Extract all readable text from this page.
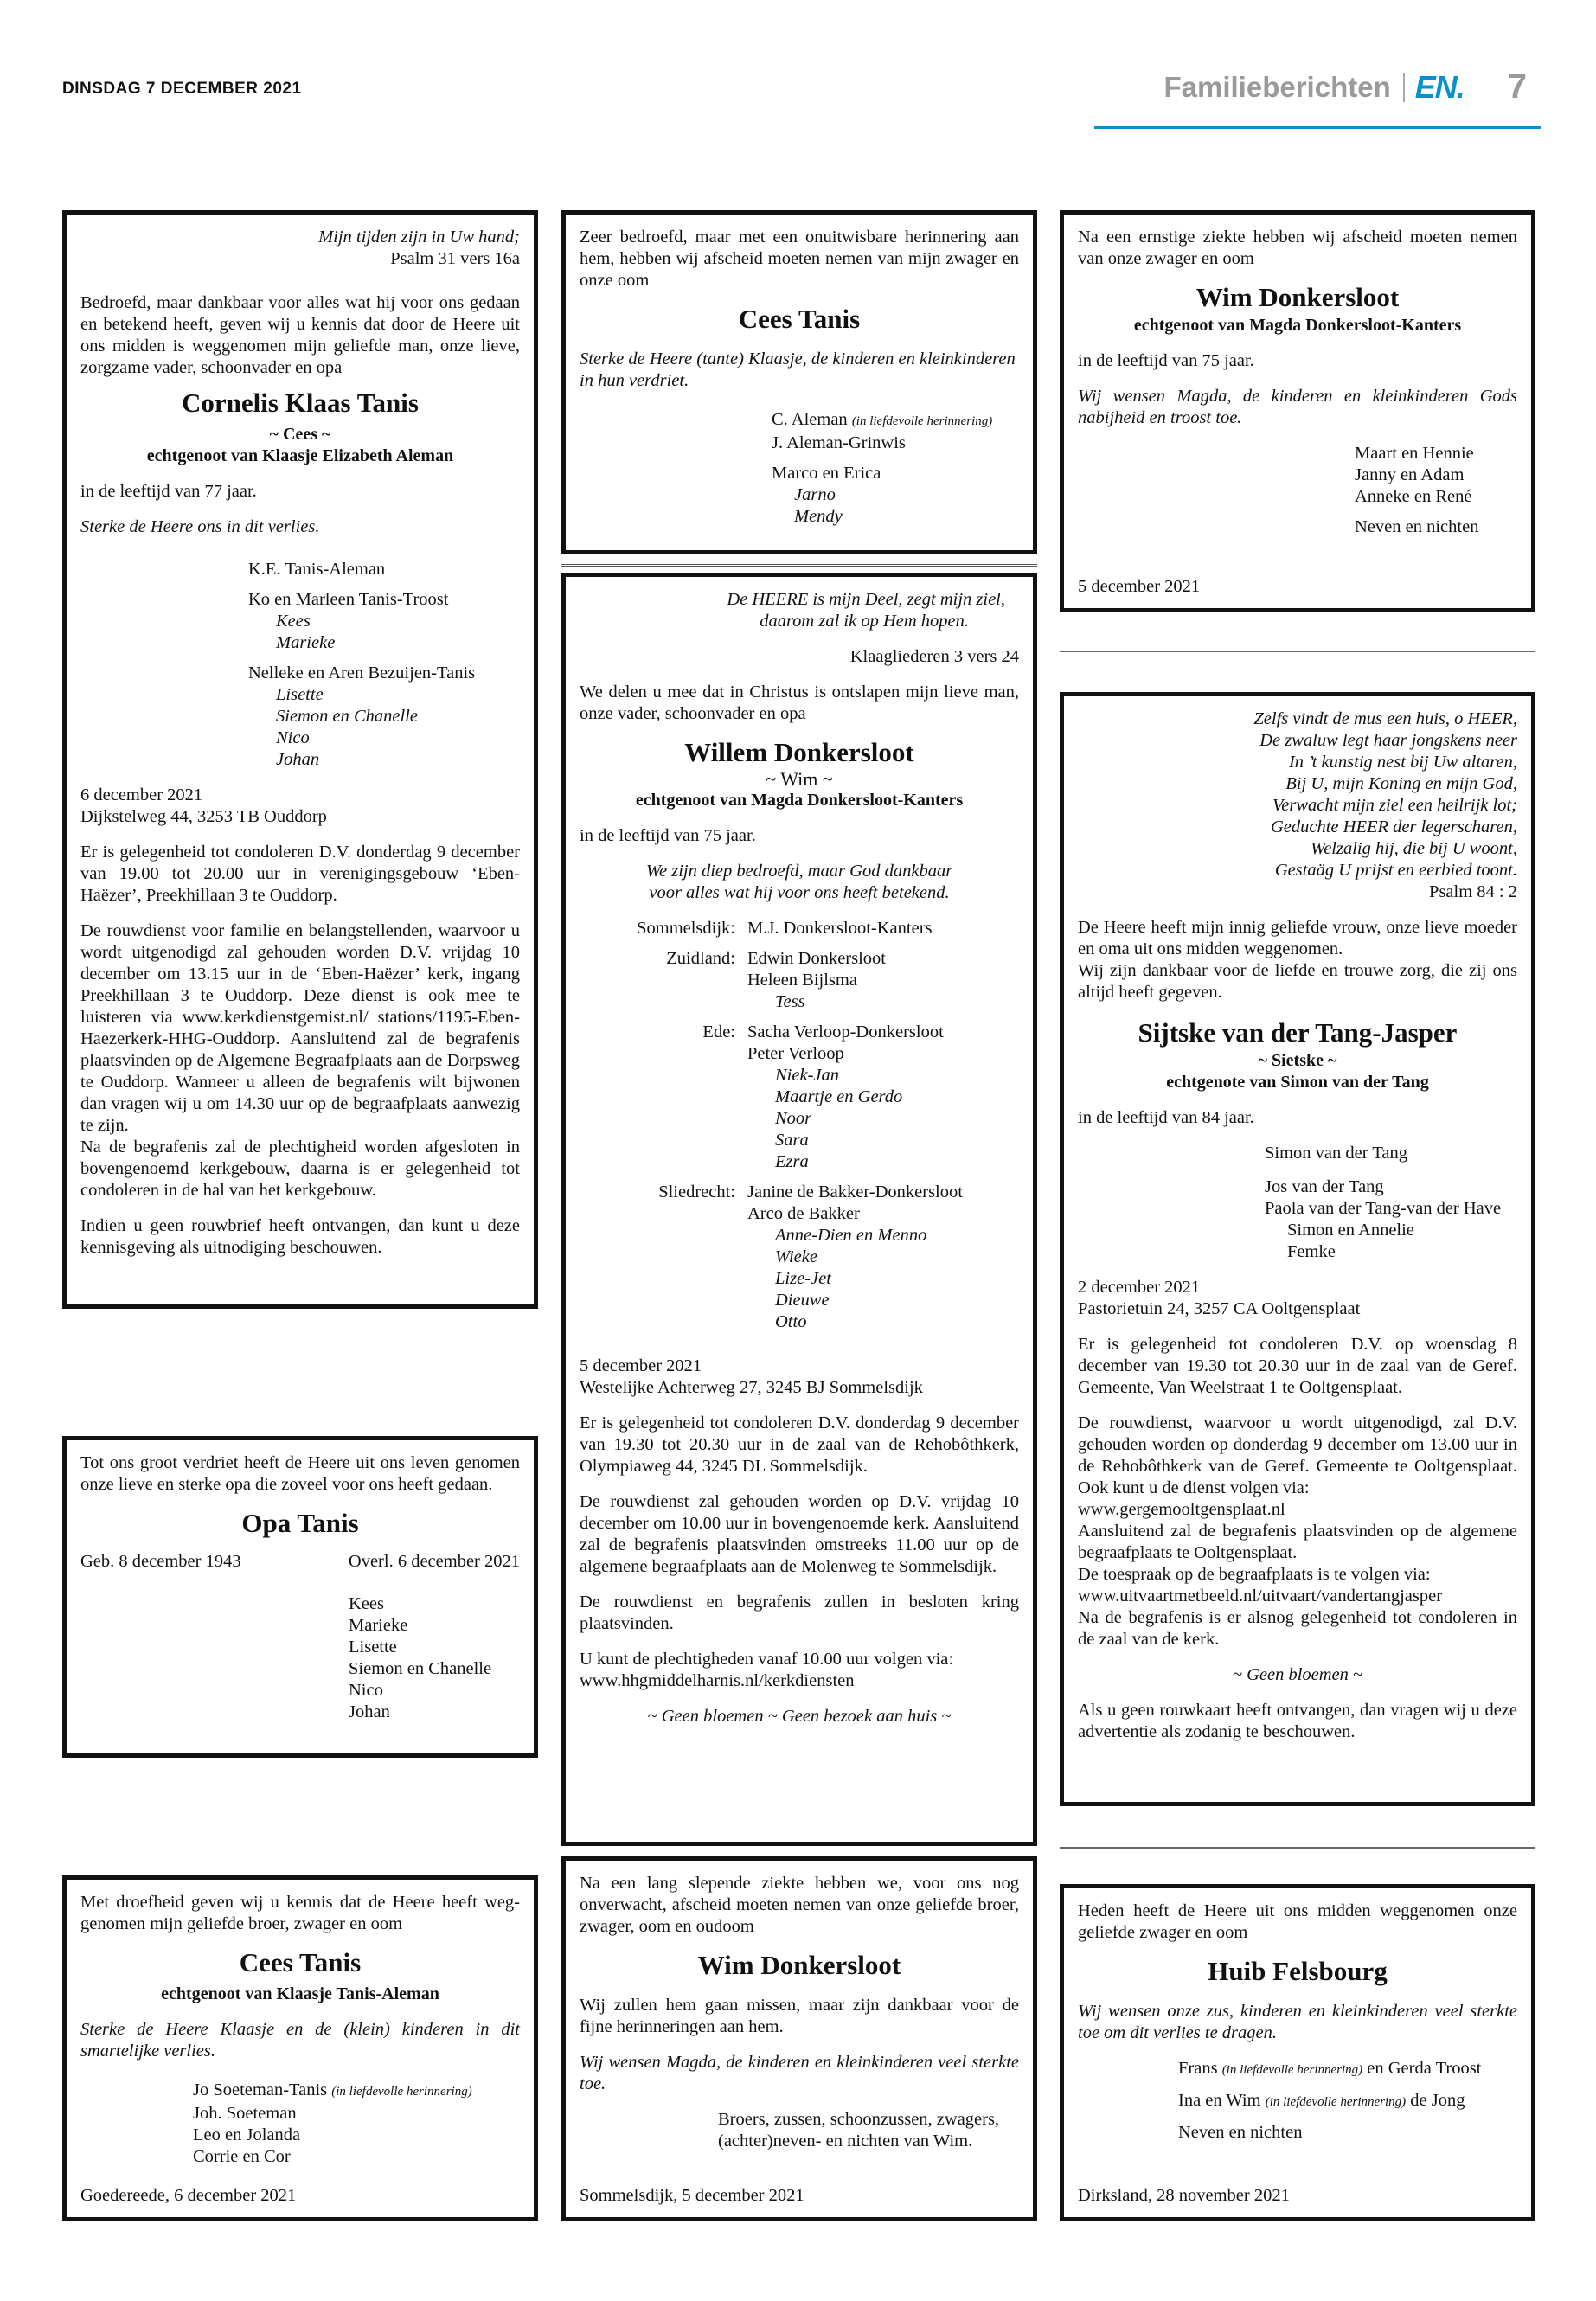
DINSDAG 7 DECEMBER 2021	Familieberichten EN. 7

Mijn tijden zijn in Uw hand;

Psalm 31 vers 16a

Bedroefd, maar dankbaar voor alles wat hij voor ons gedaan en betekend heeft, geven wij u kennis dat door de Heere uit ons midden is weggenomen mijn geliefde man, onze lieve, zorgzame vader, schoonvader en opa

Cornelis Klaas Tanis

~ Cees ~

echtgenoot van Klaasje Elizabeth Aleman

in de leeftijd van 77 jaar.

Sterke de Heere ons in dit verlies.

K.E. Tanis-Aleman

Ko en Marleen Tanis-Troost

Kees

Marieke

Nelleke en Aren Bezuijen-Tanis

Lisette

Siemon en Chanelle

Nico

Johan

6 december 2021

Dijkstelweg 44, 3253 TB Ouddorp

Er is gelegenheid tot condoleren D.V. donderdag 9 december van 19.00 tot 20.00 uur in verenigingsgebouw ‘Eben-Haëzer’, Preekhillaan 3 te Ouddorp.

De rouwdienst voor familie en belangstellenden, waarvoor u wordt uitgenodigd zal gehouden worden D.V. vrijdag 10 december om 13.15 uur in de ‘Eben-Haëzer’ kerk, ingang Preekhillaan 3 te Ouddorp. Deze dienst is ook mee te luisteren via www.kerkdienstgemist.nl/ stations/1195-Eben-Haezerkerk-HHG-Ouddorp. Aansluitend zal de begrafenis plaatsvinden op de Algemene Begraafplaats aan de Dorpsweg te Ouddorp. Wanneer u alleen de begrafenis wilt bijwonen dan vragen wij u om 14.30 uur op de begraafplaats aanwezig te zijn.

Na de begrafenis zal de plechtigheid worden afgesloten in bovengenoemd kerkgebouw, daarna is er gelegenheid tot condoleren in de hal van het kerkgebouw.

Indien u geen rouwbrief heeft ontvangen, dan kunt u deze kennisgeving als uitnodiging beschouwen.

Tot ons groot verdriet heeft de Heere uit ons leven genomen onze lieve en sterke opa die zoveel voor ons heeft gedaan.

Opa Tanis

Geb. 8 december 1943	Overl. 6 december 2021

Kees

Marieke

Lisette

Siemon en Chanelle

Nico

Johan

Met droefheid geven wij u kennis dat de Heere heeft weg-genomen mijn geliefde broer, zwager en oom

Cees Tanis

echtgenoot van Klaasje Tanis-Aleman

Sterke de Heere Klaasje en de (klein) kinderen in dit smartelijke verlies.

Jo Soeteman-Tanis (in liefdevolle herinnering)

Joh. Soeteman

Leo en Jolanda

Corrie en Cor

Goedereede, 6 december 2021

Zeer bedroefd, maar met een onuitwisbare herinnering aan hem, hebben wij afscheid moeten nemen van mijn zwager en onze oom

Cees Tanis

Sterke de Heere (tante) Klaasje, de kinderen en kleinkinderen in hun verdriet.

C. Aleman (in liefdevolle herinnering)

J. Aleman-Grinwis

Marco en Erica

Jarno

Mendy

De HEERE is mijn Deel, zegt mijn ziel,

daarom zal ik op Hem hopen.

Klaagliederen 3 vers 24

We delen u mee dat in Christus is ontslapen mijn lieve man, onze vader, schoonvader en opa

Willem Donkersloot

~ Wim ~

echtgenoot van Magda Donkersloot-Kanters

in de leeftijd van 75 jaar.

We zijn diep bedroefd, maar God dankbaar voor alles wat hij voor ons heeft betekend.

Sommelsdijk: M.J. Donkersloot-Kanters

Zuidland: Edwin Donkersloot

Heleen Bijlsma

Tess

Ede: Sacha Verloop-Donkersloot

Peter Verloop

Niek-Jan

Maartje en Gerdo

Noor

Sara

Ezra

Sliedrecht: Janine de Bakker-Donkersloot

Arco de Bakker

Anne-Dien en Menno

Wieke

Lize-Jet

Dieuwe

Otto

5 december 2021

Westelijke Achterweg 27, 3245 BJ Sommelsdijk

Er is gelegenheid tot condoleren D.V. donderdag 9 december van 19.30 tot 20.30 uur in de zaal van de Rehobôthkerk, Olympiaweg 44, 3245 DL Sommelsdijk.

De rouwdienst zal gehouden worden op D.V. vrijdag 10 december om 10.00 uur in bovengenoemde kerk. Aansluitend zal de begrafenis plaatsvinden omstreeks 11.00 uur op de algemene begraafplaats aan de Molenweg te Sommelsdijk.

De rouwdienst en begrafenis zullen in besloten kring plaatsvinden.

U kunt de plechtigheden vanaf 10.00 uur volgen via:

www.hhgmiddelharnis.nl/kerkdiensten

~ Geen bloemen ~ Geen bezoek aan huis ~

Na een lang slepende ziekte hebben we, voor ons nog onverwacht, afscheid moeten nemen van onze geliefde broer, zwager, oom en oudoom

Wim Donkersloot

Wij zullen hem gaan missen, maar zijn dankbaar voor de fijne herinneringen aan hem.

Wij wensen Magda, de kinderen en kleinkinderen veel sterkte toe.

Broers, zussen, schoonzussen, zwagers, (achter)neven- en nichten van Wim.

Sommelsdijk, 5 december 2021

Na een ernstige ziekte hebben wij afscheid moeten nemen van onze zwager en oom

Wim Donkersloot

echtgenoot van Magda Donkersloot-Kanters

in de leeftijd van 75 jaar.

Wij wensen Magda, de kinderen en kleinkinderen Gods nabijheid en troost toe.

Maart en Hennie

Janny en Adam

Anneke en René

Neven en nichten

5 december 2021

Zelfs vindt de mus een huis, o HEER,

De zwaluw legt haar jongskens neer

In ’t kunstig nest bij Uw altaren,

Bij U, mijn Koning en mijn God,

Verwacht mijn ziel een heilrijk lot;

Geduchte HEER der legerscharen,

Welzalig hij, die bij U woont,

Gestaäg U prijst en eerbied toont.

Psalm 84 : 2

De Heere heeft mijn innig geliefde vrouw, onze lieve moeder en oma uit ons midden weggenomen.

Wij zijn dankbaar voor de liefde en trouwe zorg, die zij ons altijd heeft gegeven.

Sijtske van der Tang-Jasper

~ Sietske ~

echtgenote van Simon van der Tang

in de leeftijd van 84 jaar.

Simon van der Tang

Jos van der Tang

Paola van der Tang-van der Have

Simon en Annelie

Femke

2 december 2021

Pastorietuin 24, 3257 CA Ooltgensplaat

Er is gelegenheid tot condoleren D.V. op woensdag 8 december van 19.30 tot 20.30 uur in de zaal van de Geref. Gemeente, Van Weelstraat 1 te Ooltgensplaat.

De rouwdienst, waarvoor u wordt uitgenodigd, zal D.V. gehouden worden op donderdag 9 december om 13.00 uur in de Rehobôthkerk van de Geref. Gemeente te Ooltgensplaat. Ook kunt u de dienst volgen via:

www.gergemooltgensplaat.nl

Aansluitend zal de begrafenis plaatsvinden op de algemene begraafplaats te Ooltgensplaat.

De toespraak op de begraafplaats is te volgen via:

www.uitvaartmetbeeld.nl/uitvaart/vandertangjasper

Na de begrafenis is er alsnog gelegenheid tot condoleren in de zaal van de kerk.

~ Geen bloemen ~

Als u geen rouwkaart heeft ontvangen, dan vragen wij u deze advertentie als zodanig te beschouwen.

Heden heeft de Heere uit ons midden weggenomen onze geliefde zwager en oom

Huib Felsbourg

Wij wensen onze zus, kinderen en kleinkinderen veel sterkte toe om dit verlies te dragen.

Frans (in liefdevolle herinnering) en Gerda Troost

Ina en Wim (in liefdevolle herinnering) de Jong

Neven en nichten

Dirksland, 28 november 2021
